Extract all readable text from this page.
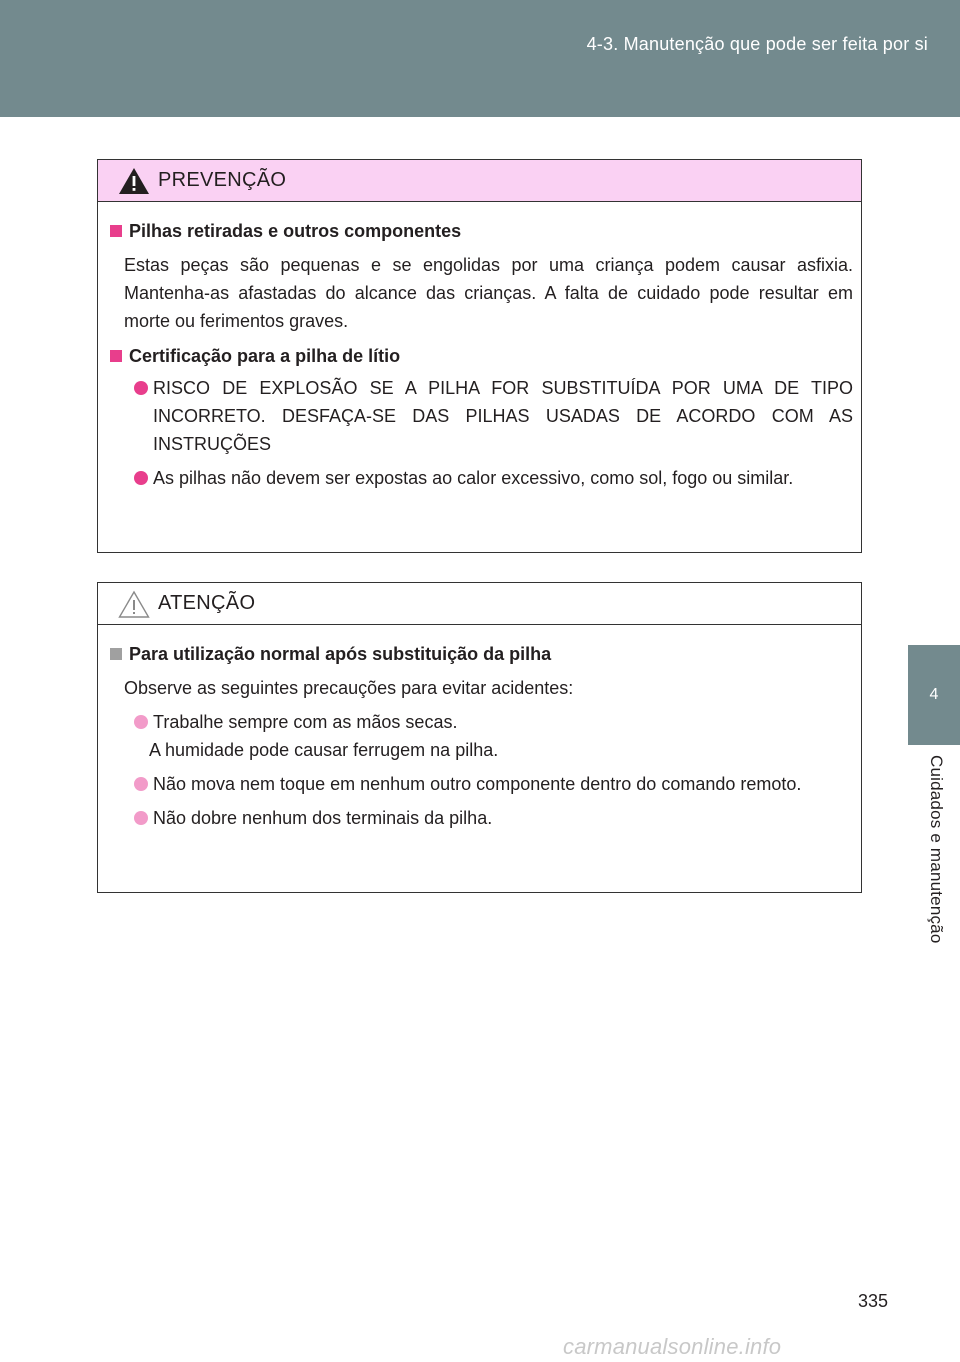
4-3. Manutenção que pode ser feita por si
4
Cuidados e manutenção
PREVENÇÃO
Pilhas retiradas e outros componentes
Estas peças são pequenas e se engolidas por uma criança podem causar asfixia. Mantenha-as afastadas do alcance das crianças. A falta de cuidado pode resultar em morte ou ferimentos graves.
Certificação para a pilha de lítio
RISCO DE EXPLOSÃO SE A PILHA FOR SUBSTITUÍDA POR UMA DE TIPO INCORRETO. DESFAÇA-SE DAS PILHAS USADAS DE ACORDO COM AS INSTRUÇÕES
As pilhas não devem ser expostas ao calor excessivo, como sol, fogo ou similar.
ATENÇÃO
Para utilização normal após substituição da pilha
Observe as seguintes precauções para evitar acidentes:
Trabalhe sempre com as mãos secas.
A humidade pode causar ferrugem na pilha.
Não mova nem toque em nenhum outro componente dentro do comando remoto.
Não dobre nenhum dos terminais da pilha.
335
carmanualsonline.info
